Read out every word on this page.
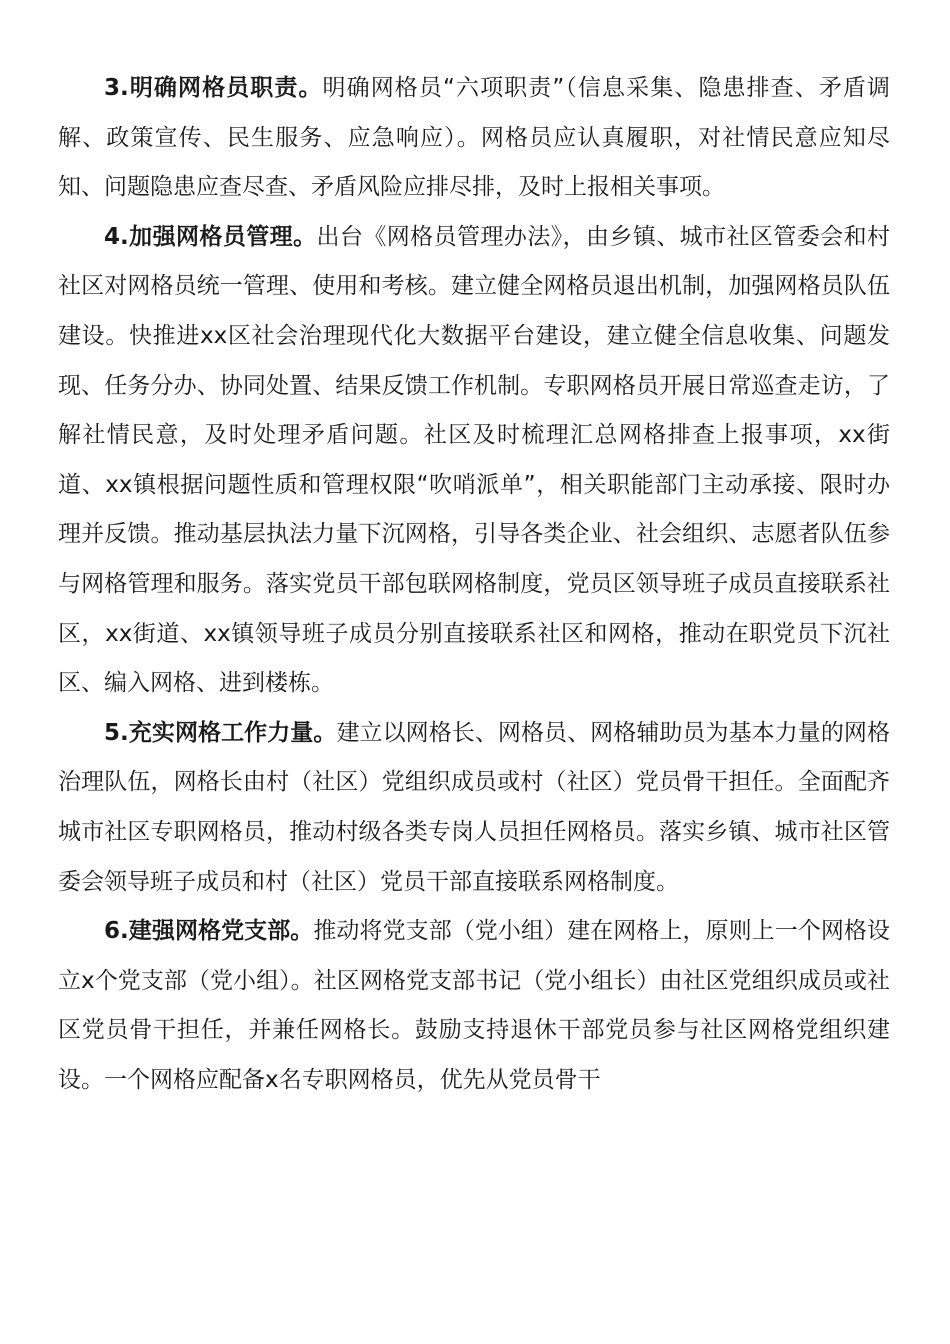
3.明确网格员职责。明确网格员“六项职责”（信息采集、隐患排查、矛盾调解、政策宣传、民生服务、应急响应）。网格员应认真履职，对社情民意应知尽知、问题隐患应查尽查、矛盾风险应排尽排，及时上报相关事项。

4.加强网格员管理。出台《网格员管理办法》，由乡镇、城市社区管委会和村社区对网格员统一管理、使用和考核。建立健全网格员退出机制，加强网格员队伍建设。快推进xx区社会治理现代化大数据平台建设，建立健全信息收集、问题发现、任务分办、协同处置、结果反馈工作机制。专职网格员开展日常巡查走访，了解社情民意，及时处理矛盾问题。社区及时梳理汇总网格排查上报事项，xx街道、xx镇根据问题性质和管理权限“吹哨派单”，相关职能部门主动承接、限时办理并反馈。推动基层执法力量下沉网格，引导各类企业、社会组织、志愿者队伍参与网格管理和服务。落实党员干部包联网格制度，党员区领导班子成员直接联系社区，xx街道、xx镇领导班子成员分别直接联系社区和网格，推动在职党员下沉社区、编入网格、进到楼栋。

5.充实网格工作力量。建立以网格长、网格员、网格辅助员为基本力量的网格治理队伍，网格长由村（社区）党组织成员或村（社区）党员骨干担任。全面配齐城市社区专职网格员，推动村级各类专岗人员担任网格员。落实乡镇、城市社区管委会领导班子成员和村（社区）党员干部直接联系网格制度。

6.建强网格党支部。推动将党支部（党小组）建在网格上，原则上一个网格设立x个党支部（党小组）。社区网格党支部书记（党小组长）由社区党组织成员或社区党员骨干担任，并兼任网格长。鼓励支持退休干部党员参与社区网格党组织建设。一个网格应配备x名专职网格员，优先从党员骨干
